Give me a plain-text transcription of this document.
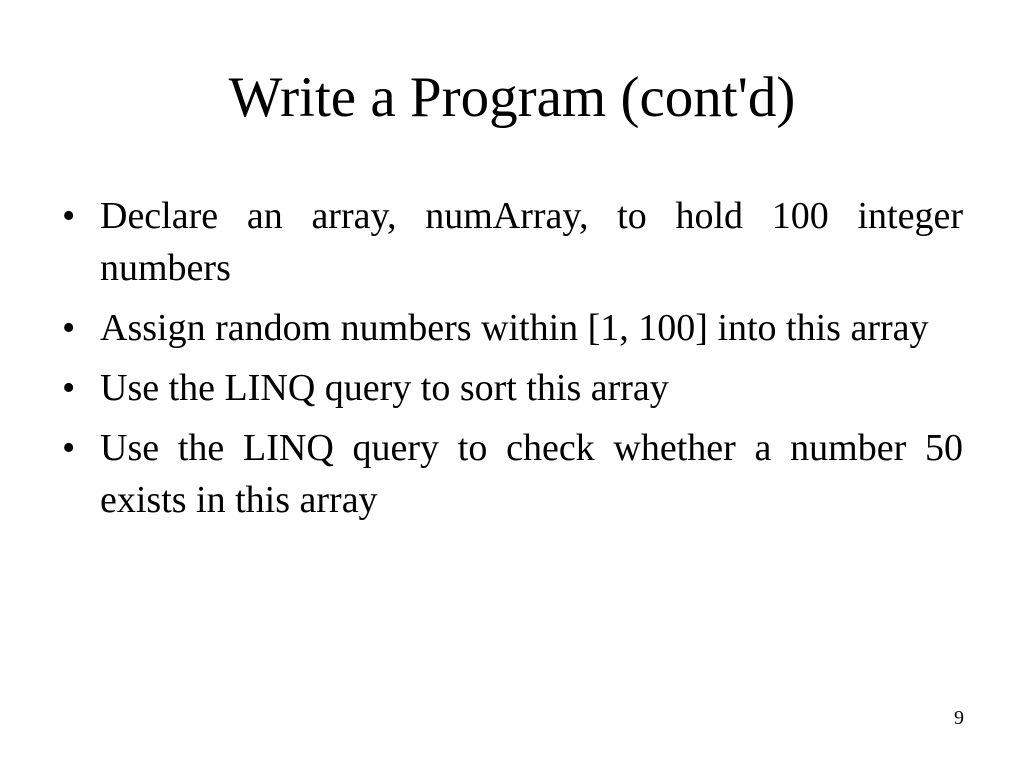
Write a Program (cont'd)
• Declare an array, numArray, to hold 100 integer numbers
• Assign random numbers within [1, 100] into this array
• Use the LINQ query to sort this array
• Use the LINQ query to check whether a number 50 exists in this array
9
